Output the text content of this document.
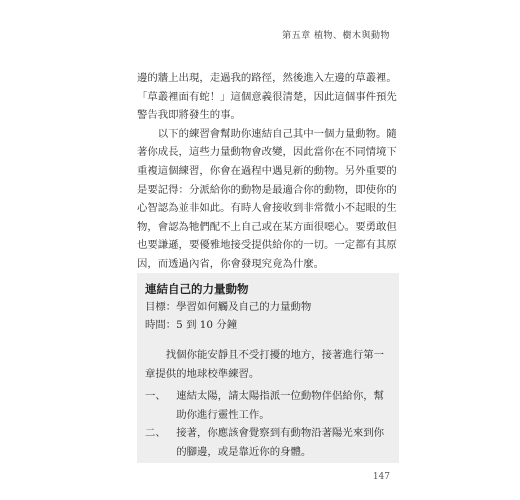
第五章 植物、樹木與動物

邊的牆上出現，走過我的路徑，然後進入左邊的草叢裡。「草叢裡面有蛇！」這個意義很清楚，因此這個事件預先警告我即將發生的事。

以下的練習會幫助你連結自己其中一個力量動物。隨著你成長，這些力量動物會改變，因此當你在不同情境下重複這個練習，你會在過程中遇見新的動物。另外重要的是要記得：分派給你的動物是最適合你的動物，即使你的心智認為並非如此。有時人會接收到非常微小不起眼的生物，會認為牠們配不上自己或在某方面很噁心。要勇敢但也要謙遜，要優雅地接受提供給你的一切。一定都有其原因，而透過內省，你會發現究竟為什麼。

連結自己的力量動物
目標：學習如何觸及自己的力量動物
時間：5 到 10 分鐘
找個你能安靜且不受打擾的地方，接著進行第一章提供的地球校準練習。
一、	連結太陽，請太陽指派一位動物伴侶給你，幫助你進行靈性工作。
二、	接著，你應該會覺察到有動物沿著陽光來到你的腳邊，或是靠近你的身體。
147
